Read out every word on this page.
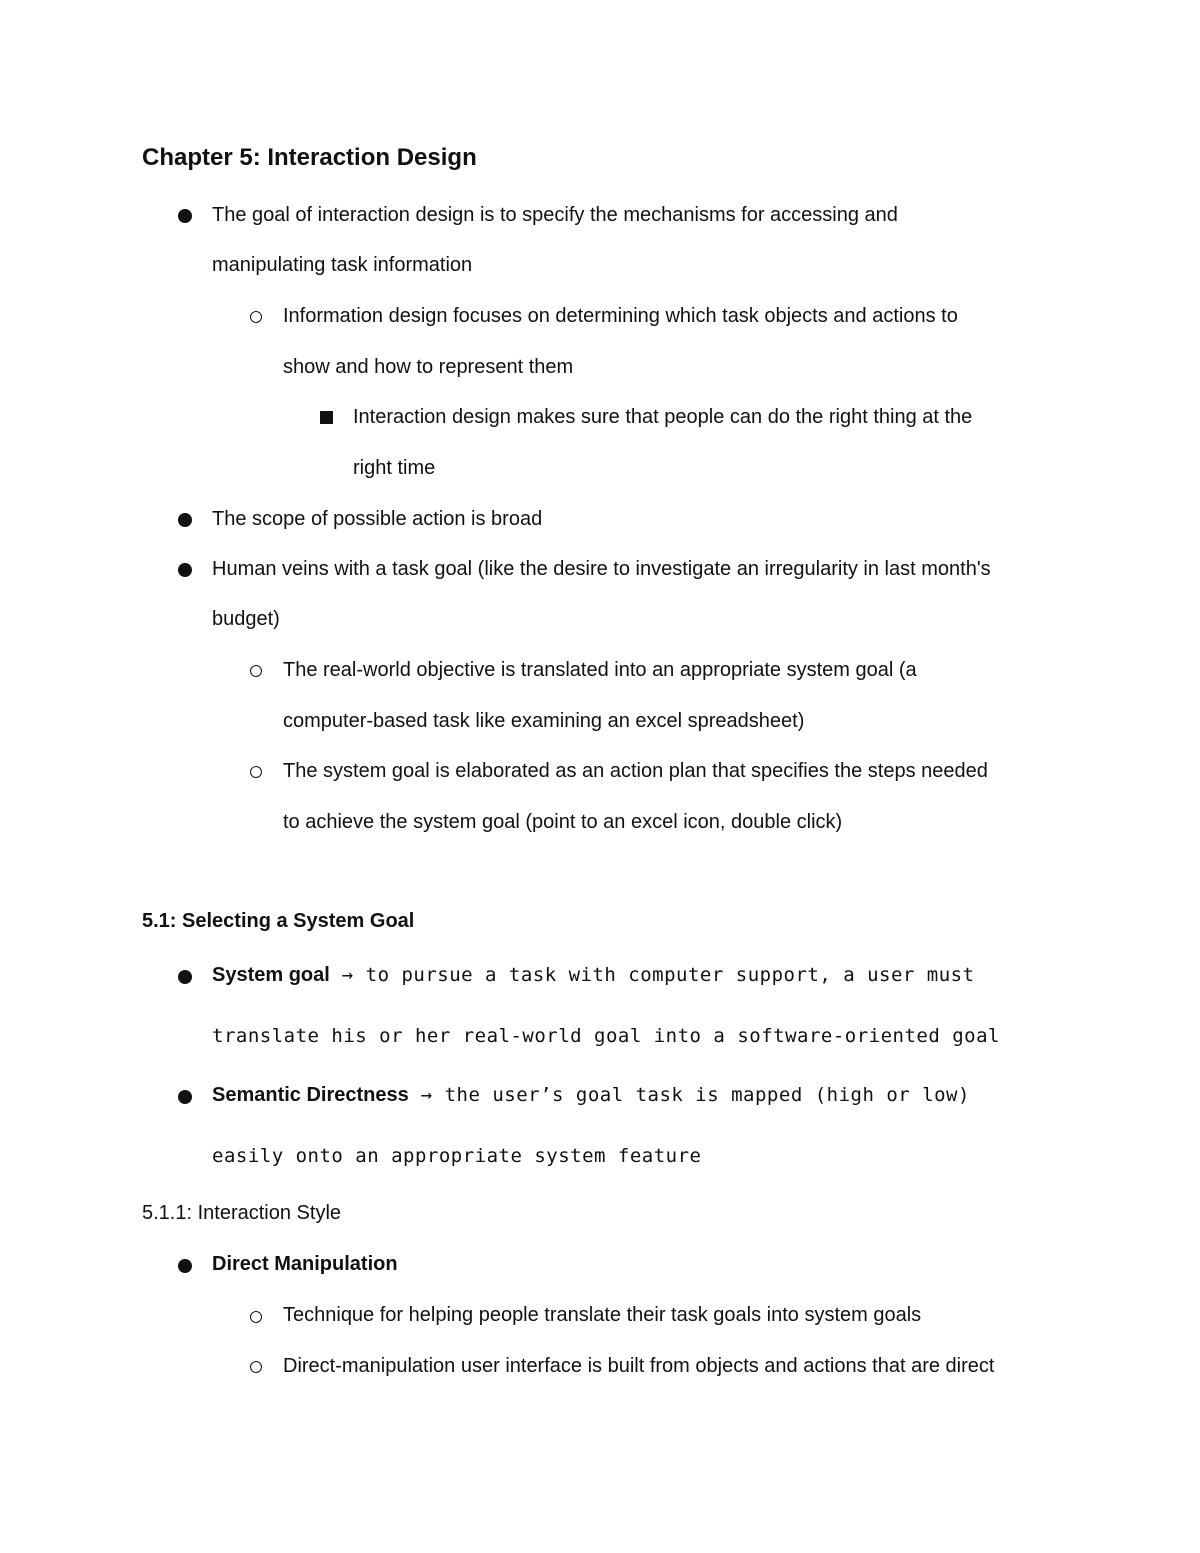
Chapter 5: Interaction Design
The goal of interaction design is to specify the mechanisms for accessing and
manipulating task information
Information design focuses on determining which task objects and actions to
show and how to represent them
Interaction design makes sure that people can do the right thing at the
right time
The scope of possible action is broad
Human veins with a task goal (like the desire to investigate an irregularity in last month's
budget)
The real-world objective is translated into an appropriate system goal (a
computer-based task like examining an excel spreadsheet)
The system goal is elaborated as an action plan that specifies the steps needed
to achieve the system goal (point to an excel icon, double click)
5.1: Selecting a System Goal
System goal → to pursue a task with computer support, a user must
translate his or her real-world goal into a software-oriented goal
Semantic Directness → the user’s goal task is mapped (high or low)
easily onto an appropriate system feature
5.1.1: Interaction Style
Direct Manipulation
Technique for helping people translate their task goals into system goals
Direct-manipulation user interface is built from objects and actions that are direct
